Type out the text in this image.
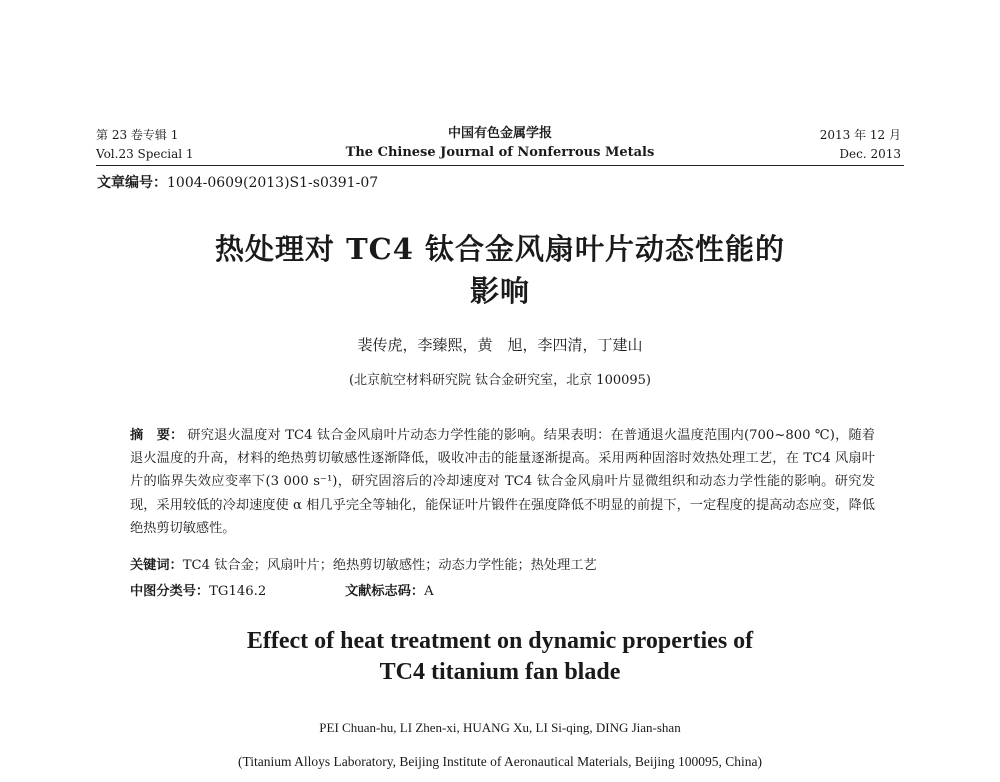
第 23 卷专辑 1
Vol.23 Special 1
中国有色金属学报
The Chinese Journal of Nonferrous Metals
2013 年 12 月
Dec. 2013
文章编号：1004-0609(2013)S1-s0391-07
热处理对 TC4 钛合金风扇叶片动态性能的
影响
裴传虎，李臻熙，黄　旭，李四清，丁建山
(北京航空材料研究院 钛合金研究室，北京 100095)
摘　要： 研究退火温度对 TC4 钛合金风扇叶片动态力学性能的影响。结果表明：在普通退火温度范围内(700~800 ℃)，随着退火温度的升高，材料的绝热剪切敏感性逐渐降低，吸收冲击的能量逐渐提高。采用两种固溶时效热处理工艺，在 TC4 风扇叶片的临界失效应变率下(3 000 s⁻¹)，研究固溶后的冷却速度对 TC4 钛合金风扇叶片显微组织和动态力学性能的影响。研究发现，采用较低的冷却速度使 α 相几乎完全等轴化，能保证叶片锻件在强度降低不明显的前提下，一定程度的提高动态应变，降低绝热剪切敏感性。
关键词：TC4 钛合金；风扇叶片；绝热剪切敏感性；动态力学性能；热处理工艺
中图分类号：TG146.2	文献标志码：A
Effect of heat treatment on dynamic properties of
TC4 titanium fan blade
PEI Chuan-hu, LI Zhen-xi, HUANG Xu, LI Si-qing, DING Jian-shan
(Titanium Alloys Laboratory, Beijing Institute of Aeronautical Materials, Beijing 100095, China)
